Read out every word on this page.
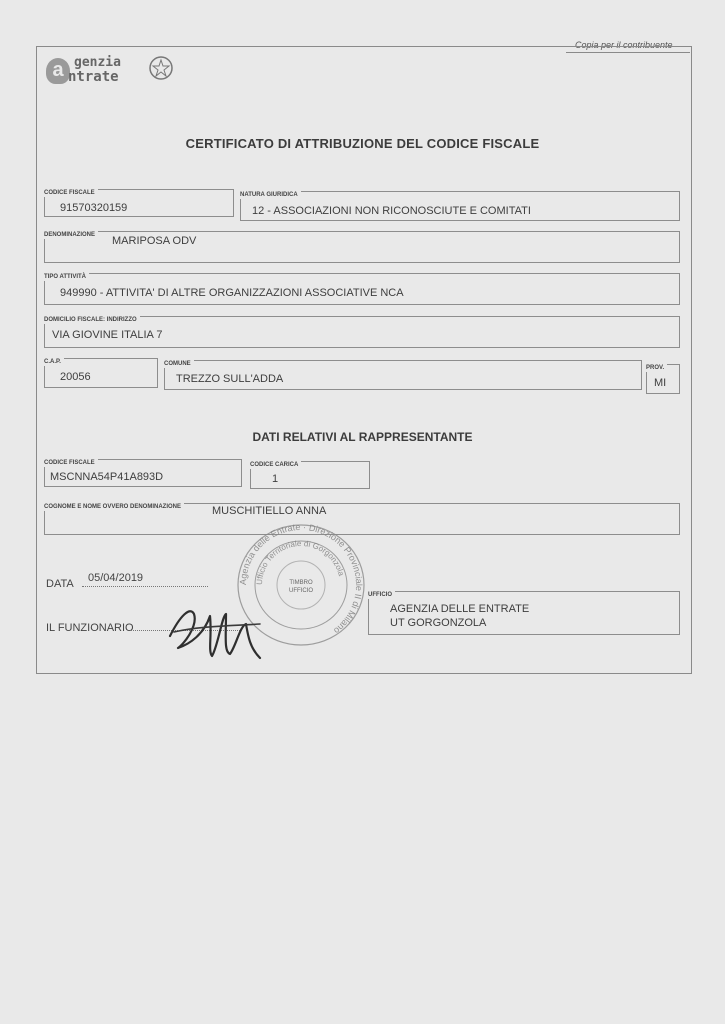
Copia per il contribuente
a genzia
ntrate
CERTIFICATO DI ATTRIBUZIONE DEL CODICE FISCALE
CODICE FISCALE
91570320159
NATURA GIURIDICA
12 - ASSOCIAZIONI NON RICONOSCIUTE E COMITATI
DENOMINAZIONE MARIPOSA ODV
TIPO ATTIVITÀ
949990 - ATTIVITA' DI ALTRE ORGANIZZAZIONI ASSOCIATIVE NCA
DOMICILIO FISCALE: INDIRIZZO
VIA GIOVINE ITALIA 7
C.A.P.
20056
COMUNE
TREZZO SULL'ADDA
PROV.
MI
DATI RELATIVI AL RAPPRESENTANTE
CODICE FISCALE
MSCNNA54P41A893D
CODICE CARICA
1
COGNOME E NOME OVVERO DENOMINAZIONE	MUSCHITIELLO ANNA
DATA 05/04/2019
IL FUNZIONARIO
UFFICIO
AGENZIA DELLE ENTRATE
UT GORGONZOLA
Agenzia delle Entrate · Direzione Provinciale II di Milano
Ufficio Territoriale di Gorgonzola
TIMBRO
UFFICIO
